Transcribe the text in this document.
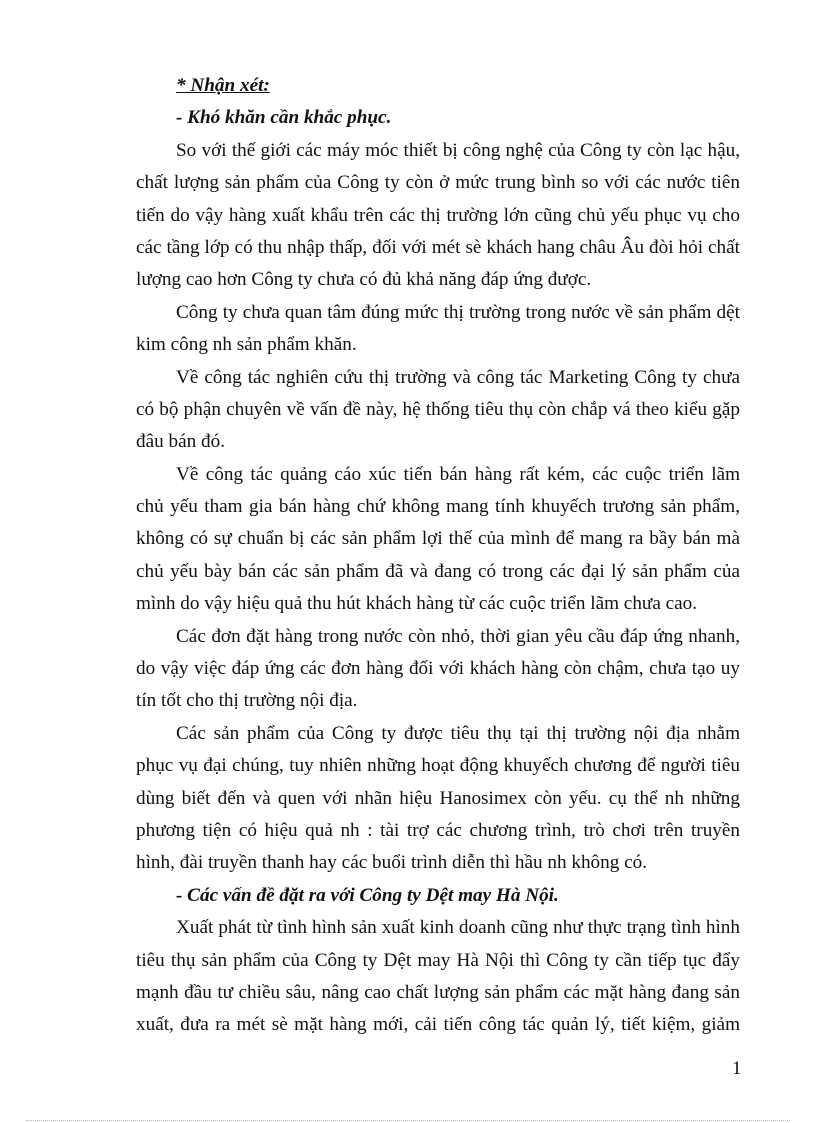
* Nhận xét:
- Khó khăn cần khắc phục.
So với thế giới các máy móc thiết bị công nghệ của Công ty còn lạc hậu,
chất lượng sản phẩm của Công ty còn ở mức trung bình so với các nước tiên
tiến do vậy hàng xuất khẩu trên các thị trường lớn cũng chủ yếu phục vụ cho
các tầng lớp có thu nhập thấp, đối với mét sè khách hang châu Âu đòi hỏi chất
lượng cao hơn Công ty chưa có đủ khả năng đáp ứng được.
Công ty chưa quan tâm đúng mức thị trường trong nước về sản phẩm dệt
kim công nh sản phẩm khăn.
Về công tác nghiên cứu thị trường và công tác Marketing Công ty chưa
có bộ phận chuyên về vấn đề này, hệ thống tiêu thụ còn chắp vá theo kiểu gặp
đâu bán đó.
Về công tác quảng cáo xúc tiến bán hàng rất kém, các cuộc triển lãm
chủ yếu tham gia bán hàng chứ không mang tính khuyếch trương sản phẩm,
không có sự chuẩn bị các sản phẩm lợi thế của mình để mang ra bầy bán mà
chủ yếu bày bán các sản phẩm đã và đang có trong các đại lý sản phẩm của
mình do vậy hiệu quả thu hút khách hàng từ các cuộc triển lãm chưa cao.
Các đơn đặt hàng trong nước còn nhỏ, thời gian yêu cầu đáp ứng nhanh,
do vậy việc đáp ứng các đơn hàng đối với khách hàng còn chậm, chưa tạo uy
tín tốt cho thị trường nội địa.
Các sản phẩm của Công ty được tiêu thụ tại thị trường nội địa nhằm
phục vụ đại chúng, tuy nhiên những hoạt động khuyếch chương để người tiêu
dùng biết đến và quen với nhãn hiệu Hanosimex còn yếu. cụ thể nh những
phương tiện có hiệu quả nh : tài trợ các chương trình, trò chơi trên truyền
hình, đài truyền thanh hay các buổi trình diễn thì hầu nh không có.
- Các vấn đề đặt ra với Công ty Dệt may Hà Nội.
Xuất phát từ tình hình sản xuất kinh doanh cũng như thực trạng tình hình
tiêu thụ sản phẩm của Công ty Dệt may Hà Nội thì Công ty cần tiếp tục đẩy
mạnh đầu tư chiều sâu, nâng cao chất lượng sản phẩm các mặt hàng đang sản
xuất, đưa ra mét sè mặt hàng mới, cải tiến công tác quản lý, tiết kiệm, giảm
1
